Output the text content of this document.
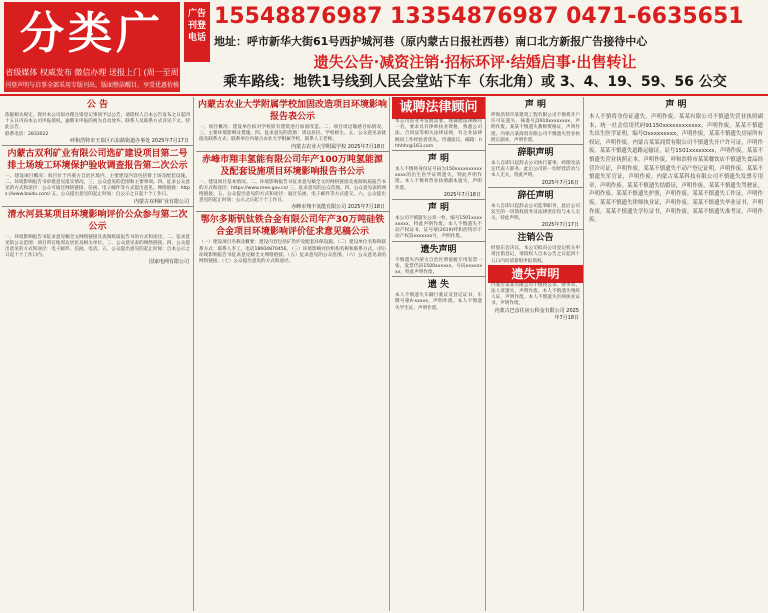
分类广
省级媒体 权威发布 微信办理 送报上门 (周一至周
刊登声明与启事全部采用专版刊出，版面整洁醒目，享受优惠价格
广告刊登电话
15548876987 13354876987 0471-6635651
地址：呼市新华大街61号西护城河巷（原内蒙古日报社西巷）南口北方新报广告接待中心
遗失公告·减资注销·招标环评·结婚启事·出售转让
乘车路线：地铁1号线到人民会堂站下车（东北角）或 3、4、19、59、56 公交
公 告
依据相关规定，现对本公司拟办理注销登记事项予以公告，请债权人自本公告发布之日起四十五日内向本公司申报债权，逾期未申报的视为自动放弃。联系人及联系方式详见下文。特此公告。
联系电话：2833022
呼和浩特市玉泉区石东路街道办事处 2025年7月17日
内蒙古双利矿业有限公司选矿建设项目第二号排土场竣工环境保护验收调查报告第二次公示
一、建设项目概况：项目位于内蒙古自治区境内，主要建设内容包括排土场及配套设施。二、环境影响报告书审批意见落实情况。三、公众意见的范围和主要事项。四、征求公众意见的方式和途径：公众可通过网络链接、信函、电子邮件等方式提出意见。网络链接：https://www.baidu.com/ 五、公众提出意见的起止时间：自公示之日起十个工作日。
内蒙古双利矿业有限公司
清水河县某项目环境影响评价公众参与第二次公示
一、环境影响报告书征求意见稿全文网络链接及查阅纸质报告书的方式和途径。二、征求意见的公众范围：项目所在地周边居民及相关单位。三、公众意见表的网络链接。四、公众提出意见的方式和途径：电子邮件、信函、电话。五、公众提出意见的起止时间：自本公示之日起十个工作日内。
国家电网有限公司
内蒙古农业大学附属学校加固改造项目环境影响报告表公示
一、项目概况：建设单位拟对学校原有建筑进行加固改造。二、项目周边敏感目标情况。三、主要环境影响及措施。四、征求意见的范围：周边居民、学校师生。五、公众意见表链接及联系方式：联系单位内蒙古农业大学附属学校，联系人王老师。
内蒙古农业大学附属学校 2025年7月18日
赤峰市翔丰氢能有限公司年产100万吨氢能源及配套设施项目环境影响报告书公示
一、建设项目基本情况。二、环境影响报告书征求意见稿全文的网络链接及查阅纸质报告书的方式和途径：https://www.mee.gov.cn/ 三、征求意见的公众范围。四、公众意见表的网络链接。五、公众提出意见的方式和途径：通过信函、电子邮件等方式提交。六、公众提出意见的起止时间：公示之日起十个工作日。
赤峰市翔丰氢能有限公司 2025年7月18日
鄂尔多斯钒钛铁合金有限公司年产30万吨硅铁合金项目环境影响评价征求意见稿公示
（一）建设项目名称及概要：建设内容包括矿热炉及配套环保设施。（二）建设单位名称和联系方式：联系人李工，电话18604870456。（三）环境影响评价机构名称和联系方式。（四）环境影响报告书征求意见稿全文网络链接。（五）征求意见的公众范围。（六）公众意见表的网络链接。（七）公众提出意见的方式和途径。
诚聘法律顾问
本公司因业务发展需要，现诚聘法律顾问一名，要求具有律师执业资格，熟悉公司法、合同法等相关法律法规，有企业法律顾问工作经验者优先。待遇面议。邮箱：hhhhhr@163.com
声 明
本人不慎将身份证号码为150xxxxxxxxxxxxxx的出生医学证明遗失，特此声明作废。本人不慎将营业执照副本遗失，声明作废。
2025年7月18日
声 明
本公司不慎遗失公章一枚，编号1501xxxxxxxxx，特此声明作废。本人不慎遗失不动产权证书，证号蒙(2019)呼和浩特市不动产权第xxxxxxx号，声明作废。
遗失声明
不慎遗失内蒙古自治区增值税专用发票一张，发票代码1500xxxxxx，号码xxxxxxxx，特此声明作废。
遗 失
本人不慎遗失车辆行驶证及登记证书，车牌号蒙A·xxxxx，声明作废。本人不慎遗失学生证，声明作废。
声 明
呼和浩特市某建筑工程有限公司不慎将开户许可证遗失，核准号J1910xxxxxxxx，声明作废。某某不慎遗失教师资格证，声明作废。内蒙古某商贸有限公司不慎遗失营业执照正副本，声明作废。
辞职声明
本人自即日起辞去公司执行董事、经理及法定代表人职务，此后公司的一切经营活动与本人无关，特此声明。
2025年7月16日
辞任声明
本人自即日起辞去公司监事职务，此后公司发生的一切债权债务及法律责任均与本人无关。特此声明。
2025年7月17日
注销公告
经股东会决议，本公司拟向公司登记机关申请注销登记，请债权人自本公告之日起四十五日内向清算组申报债权。
遗失声明
内蒙古某某有限公司不慎将公章、财务章、法人章遗失，声明作废。本人不慎遗失残疾人证，声明作废。本人不慎遗失医师执业证书，声明作废。
内蒙古巴彦住房公积金有限公司 2025年7月18日
声 明
本人不慎将身份证遗失，声明作废。某某有限公司不慎遗失营业执照副本，统一社会信用代码91150xxxxxxxxxxxx，声明作废。某某不慎遗失出生医学证明，编号Oxxxxxxxxx，声明作废。某某不慎遗失房屋所有权证，声明作废。内蒙古某某商贸有限公司不慎遗失开户许可证，声明作废。某某不慎遗失道路运输证，证号1501xxxxxxxx，声明作废。某某不慎遗失营业执照正本，声明作废。呼和浩特市某某餐饮店不慎遗失食品经营许可证，声明作废。某某不慎遗失不动产登记证明，声明作废。某某不慎遗失军官证，声明作废。内蒙古某某科技有限公司不慎遗失发票专用章，声明作废。某某不慎遗失结婚证，声明作废。某某不慎遗失驾驶证，声明作废。某某不慎遗失护照，声明作废。某某不慎遗失工作证，声明作废。某某不慎遗失律师执业证，声明作废。某某不慎遗失毕业证书，声明作废。某某不慎遗失学位证书，声明作废。某某不慎遗失准考证，声明作废。
